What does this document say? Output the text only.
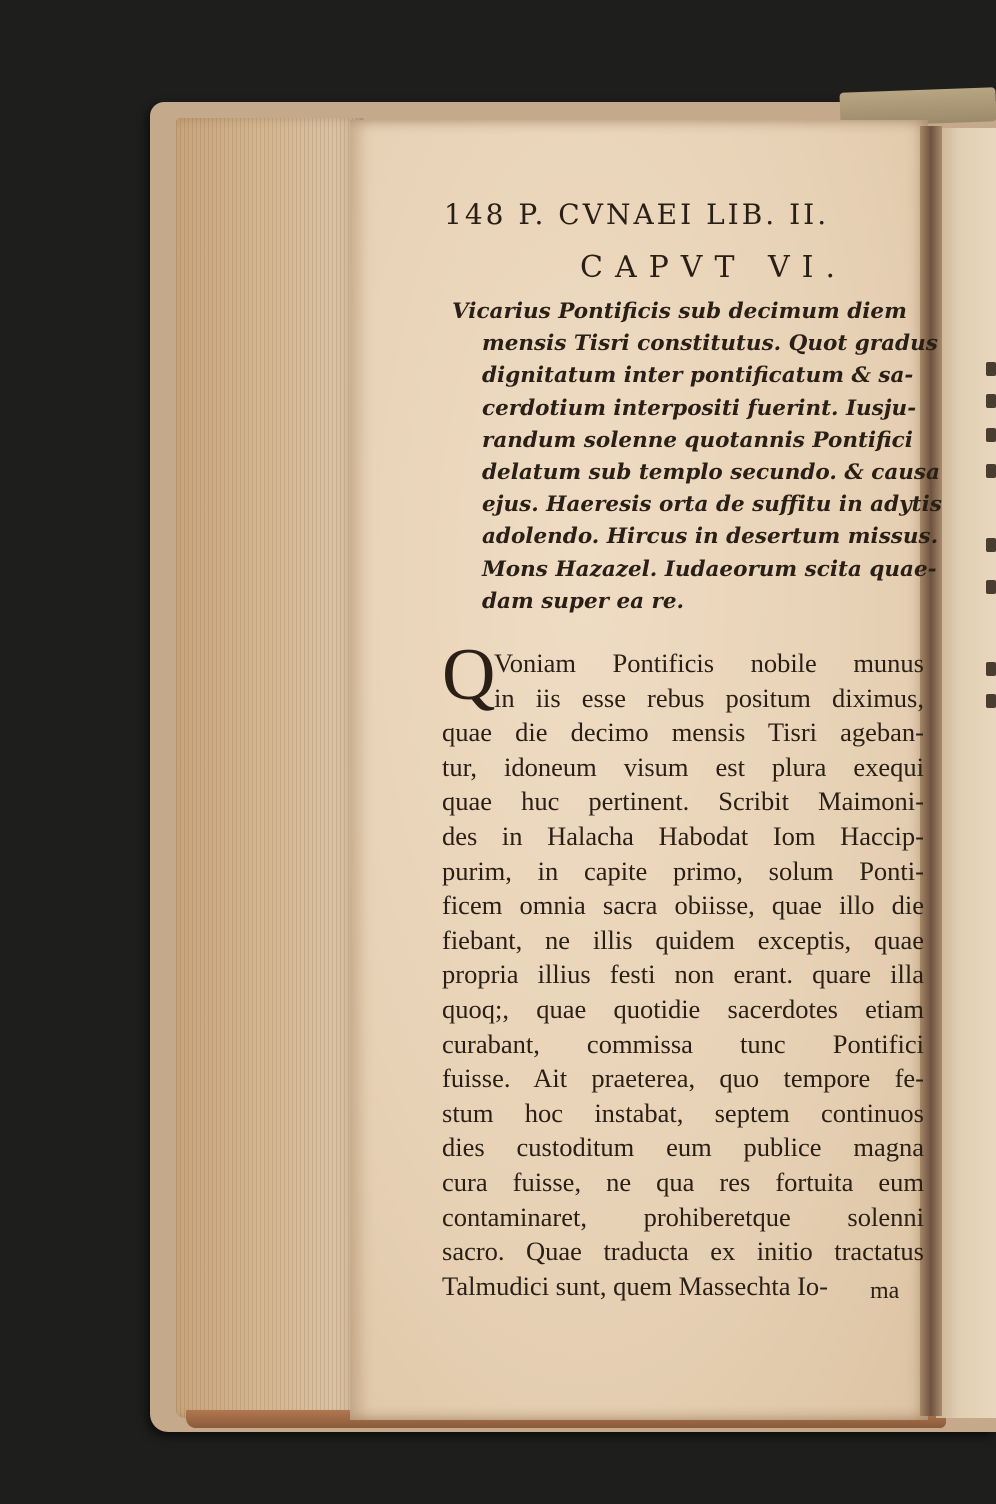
148 P. CVNAEI LIB. II.
CAPVT VI.
Vicarius Pontificis sub decimum diem
mensis Tisri constitutus. Quot gradus
dignitatum inter pontificatum & sa-
cerdotium interpositi fuerint. Iusju-
randum solenne quotannis Pontifici
delatum sub templo secundo. & causa
ejus. Haeresis orta de suffitu in adytis
adolendo. Hircus in desertum missus.
Mons Hazazel. Iudaeorum scita quae-
dam super ea re.
Q
Voniam Pontificis nobile munus
in iis esse rebus positum diximus,
quae die decimo mensis Tisri ageban-
tur, idoneum visum est plura exequi
quae huc pertinent. Scribit Maimoni-
des in Halacha Habodat Iom Haccip-
purim, in capite primo, solum Ponti-
ficem omnia sacra obiisse, quae illo die
fiebant, ne illis quidem exceptis, quae
propria illius festi non erant. quare illa
quoq;, quae quotidie sacerdotes etiam
curabant, commissa tunc Pontifici
fuisse. Ait praeterea, quo tempore fe-
stum hoc instabat, septem continuos
dies custoditum eum publice magna
cura fuisse, ne qua res fortuita eum
contaminaret, prohiberetque solenni
sacro. Quae traducta ex initio tractatus
Talmudici sunt, quem Massechta Io-	ma
